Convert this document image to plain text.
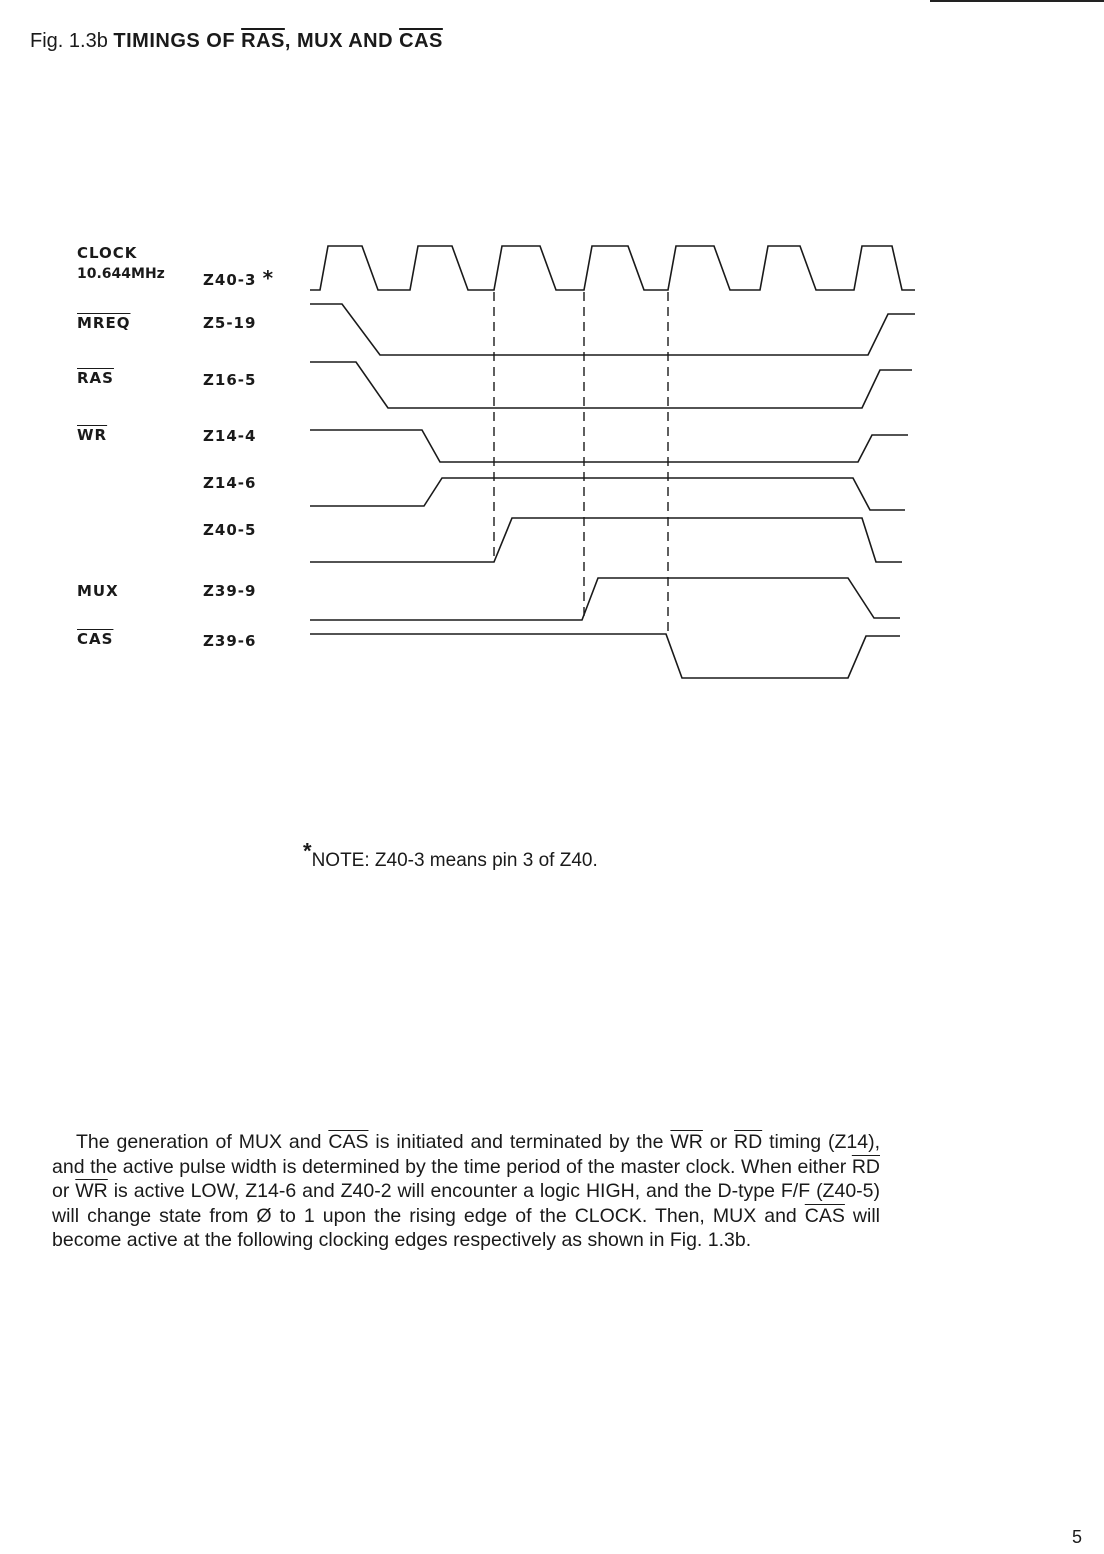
Fig. 1.3b TIMINGS OF $\overline{RAS}$, MUX AND $\overline{CAS}$
CLOCK
10.644MHz	Z40-3 *
MREQ	Z5-19
$\overline{RAS}$	Z16-5
$\overline{WR}$	Z14-4
Z14-6
Z40-5
MUX	Z39-9
$\overline{CAS}$	Z39-6
*NOTE: Z40-3 means pin 3 of Z40.

The generation of MUX and $\overline{CAS}$ is initiated and terminated by the $\overline{WR}$ or $\overline{RD}$ timing (Z14), and the active pulse width is determined by the time period of the master clock. When either $\overline{RD}$ or $\overline{WR}$ is active LOW, Z14-6 and Z40-2 will encounter a logic HIGH, and the D-type F/F (Z40-5) will change state from Ø to 1 upon the rising edge of the CLOCK. Then, MUX and $\overline{CAS}$ will become active at the following clocking edges respectively as shown in Fig. 1.3b.

5
